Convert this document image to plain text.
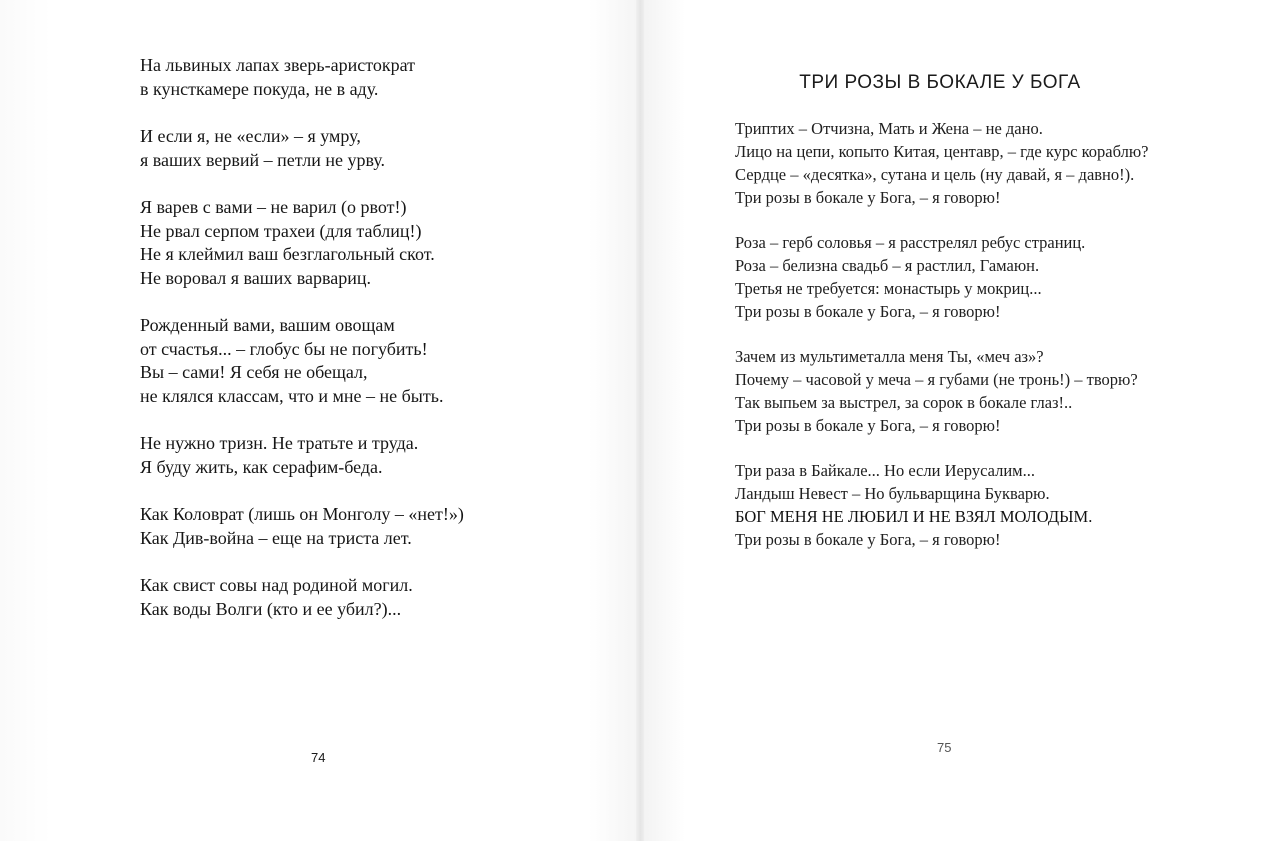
На львиных лапах зверь-аристократ
в кунсткамере покуда, не в аду.
И если я, не «если» – я умру,
я ваших вервий – петли не урву.
Я варев с вами – не варил (о рвот!)
Не рвал серпом трахеи (для таблиц!)
Не я клеймил ваш безглагольный скот.
Не воровал я ваших варвариц.
Рожденный вами, вашим овощам
от счастья... – глобус бы не погубить!
Вы – сами! Я себя не обещал,
не клялся классам, что и мне – не быть.
Не нужно тризн. Не тратьте и труда.
Я буду жить, как серафим-беда.
Как Коловрат (лишь он Монголу – «нет!»)
Как Див-война – еще на триста лет.
Как свист совы над родиной могил.
Как воды Волги (кто и ее убил?)...
74
ТРИ РОЗЫ В БОКАЛЕ У БОГА
Триптих – Отчизна, Мать и Жена – не дано.
Лицо на цепи, копыто Китая, центавр, – где курс кораблю?
Сердце – «десятка», сутана и цель (ну давай, я – давно!).
Три розы в бокале у Бога, – я говорю!
Роза – герб соловья – я расстрелял ребус страниц.
Роза – белизна свадьб – я растлил, Гамаюн.
Третья не требуется: монастырь у мокриц...
Три розы в бокале у Бога, – я говорю!
Зачем из мультиметалла меня Ты, «меч аз»?
Почему – часовой у меча – я губами (не тронь!) – творю?
Так выпьем за выстрел, за сорок в бокале глаз!..
Три розы в бокале у Бога, – я говорю!
Три раза в Байкале... Но если Иерусалим...
Ландыш Невест – Но бульварщина Букварю.
БОГ МЕНЯ НЕ ЛЮБИЛ И НЕ ВЗЯЛ МОЛОДЫМ.
Три розы в бокале у Бога, – я говорю!
75
